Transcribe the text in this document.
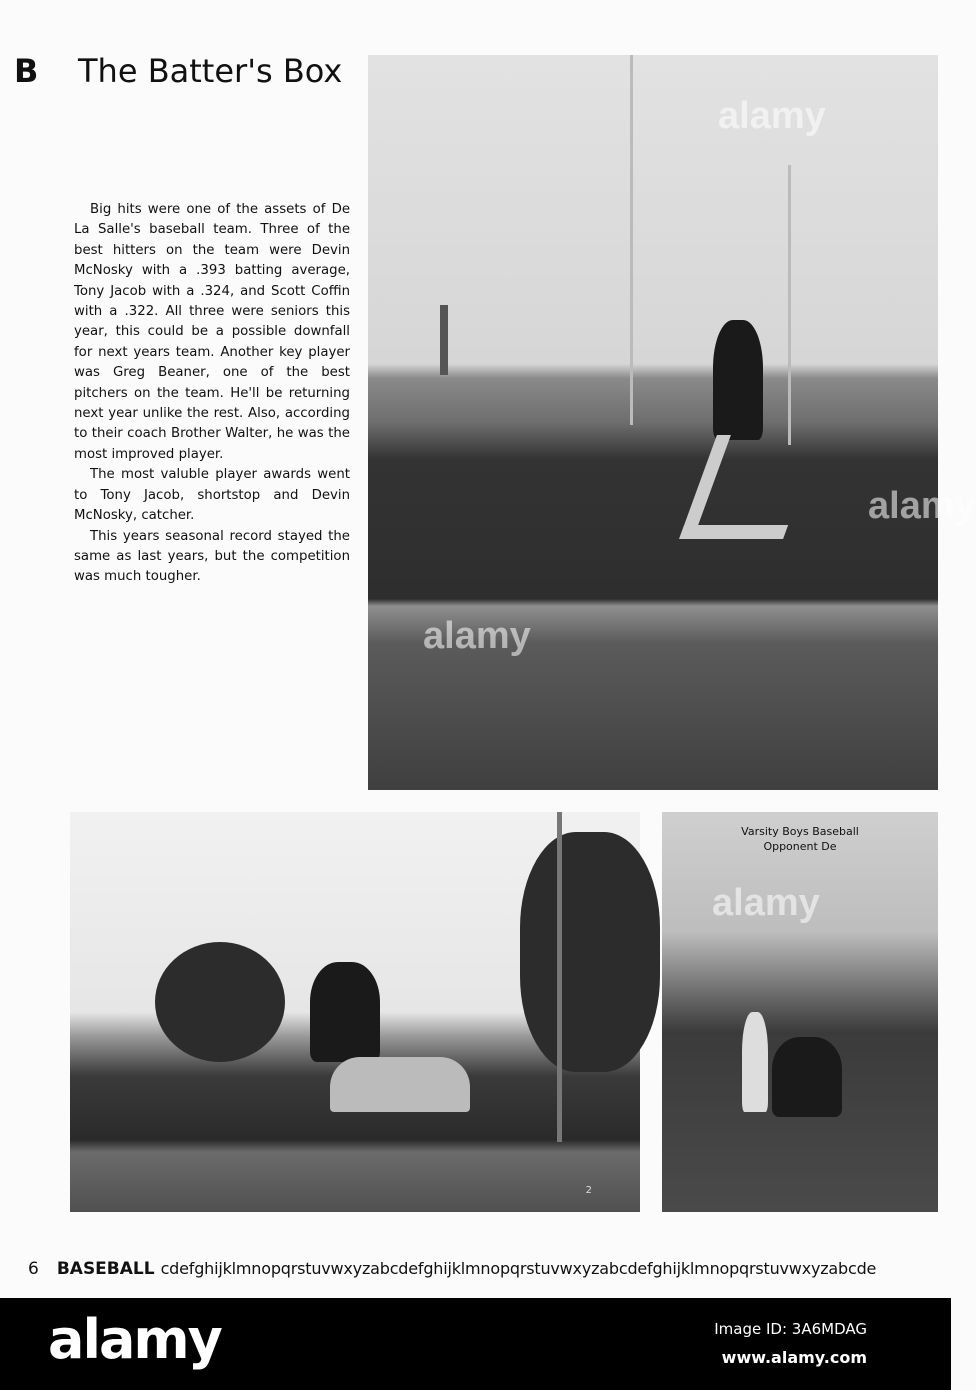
B The Batter's Box

Big hits were one of the assets of De La Salle's baseball team. Three of the best hitters on the team were Devin McNosky with a .393 batting average, Tony Jacob with a .324, and Scott Coffin with a .322. All three were seniors this year, this could be a possible downfall for next years team. Another key player was Greg Beaner, one of the best pitchers on the team. He'll be returning next year unlike the rest. Also, according to their coach Brother Walter, he was the most improved player.

The most valuble player awards went to Tony Jacob, shortstop and Devin McNosky, catcher.

This years seasonal record stayed the same as last years, but the competition was much tougher.

alamy
alamy
alamy
2
Varsity Boys Baseball
Opponent De
alamy
6 BASEBALL cdefghijklmnopqrstuvwxyzabcdefghijklmnopqrstuvwxyzabcdefghijklmnopqrstuvwxyzabcde
alamy	Image ID: 3A6MDAG
www.alamy.com
